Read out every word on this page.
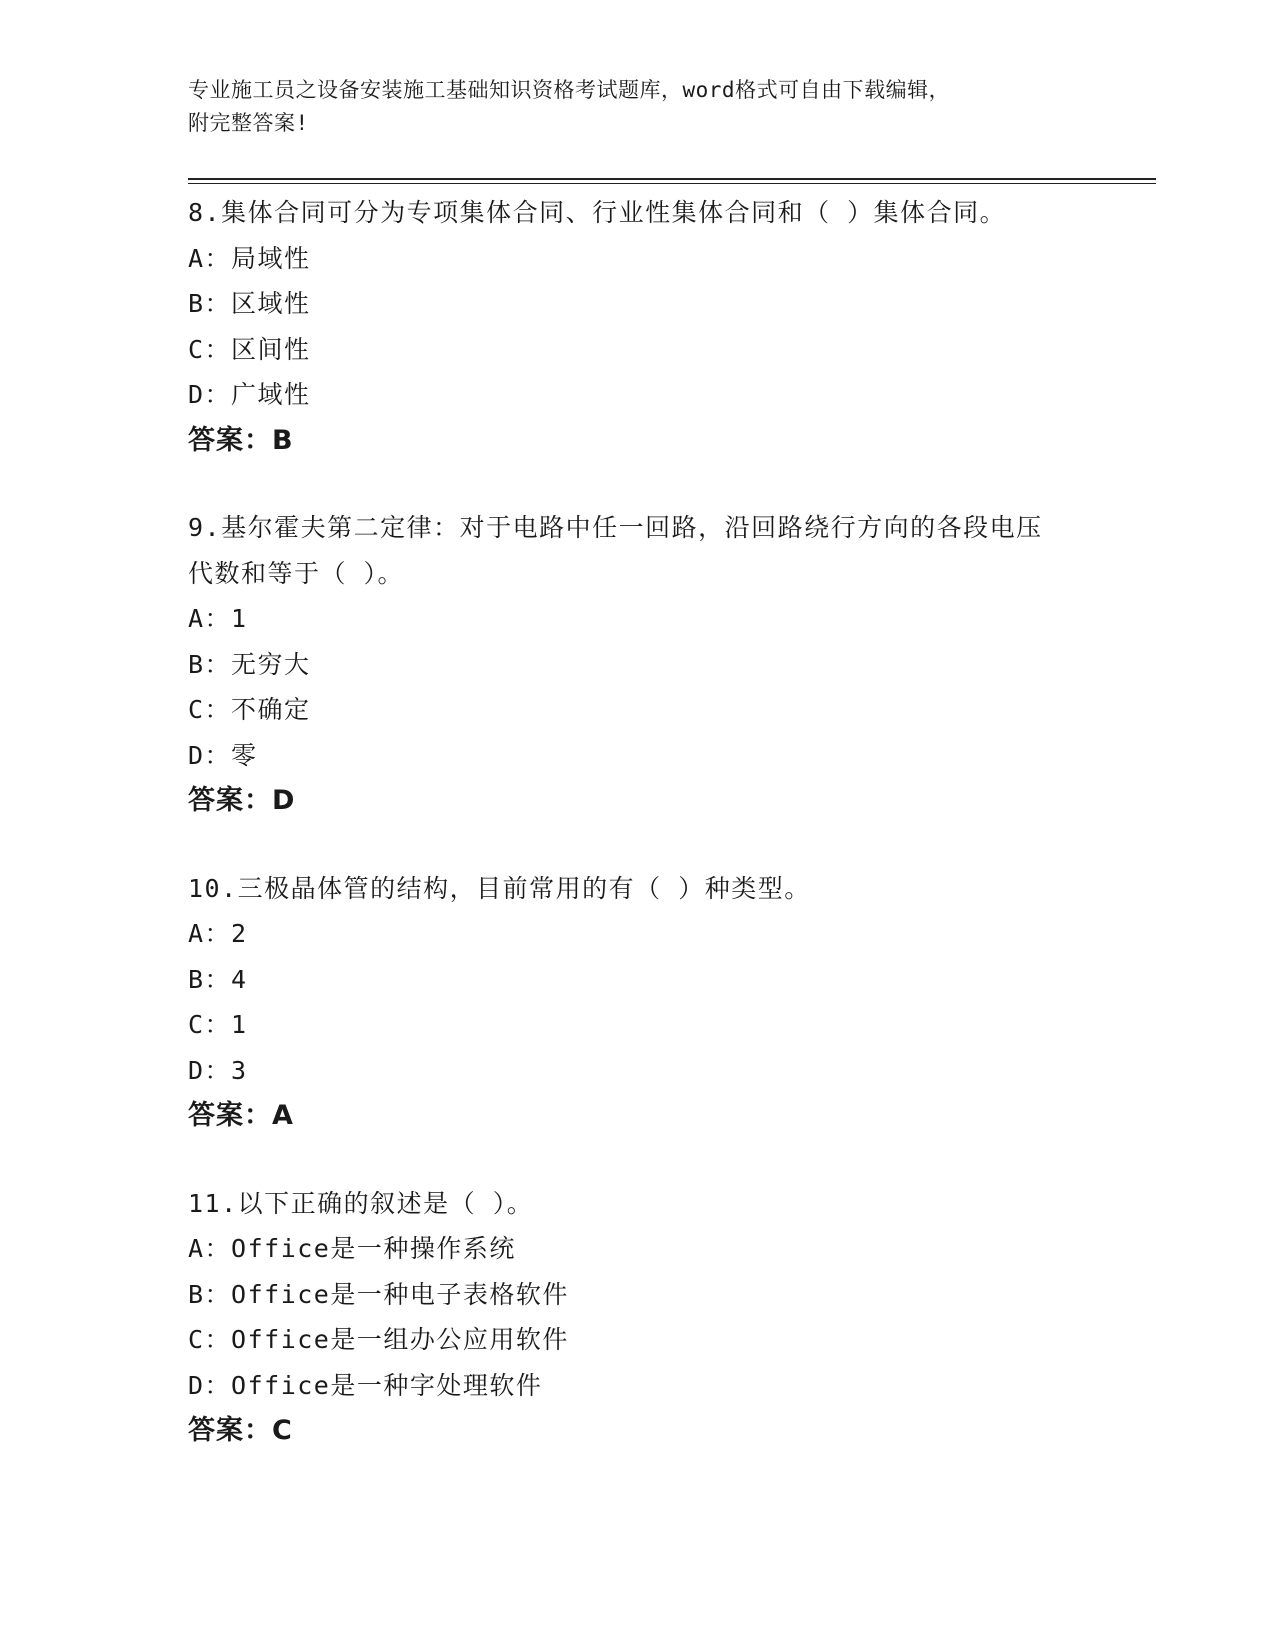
专业施工员之设备安装施工基础知识资格考试题库，word格式可自由下载编辑，
附完整答案!
8.集体合同可分为专项集体合同、行业性集体合同和（ ）集体合同。
A：局域性
B：区域性
C：区间性
D：广域性
答案：B
9.基尔霍夫第二定律：对于电路中任一回路，沿回路绕行方向的各段电压代数和等于（ ）。
A：1
B：无穷大
C：不确定
D：零
答案：D
10.三极晶体管的结构，目前常用的有（ ）种类型。
A：2
B：4
C：1
D：3
答案：A
11.以下正确的叙述是（ ）。
A：Office是一种操作系统
B：Office是一种电子表格软件
C：Office是一组办公应用软件
D：Office是一种字处理软件
答案：C
